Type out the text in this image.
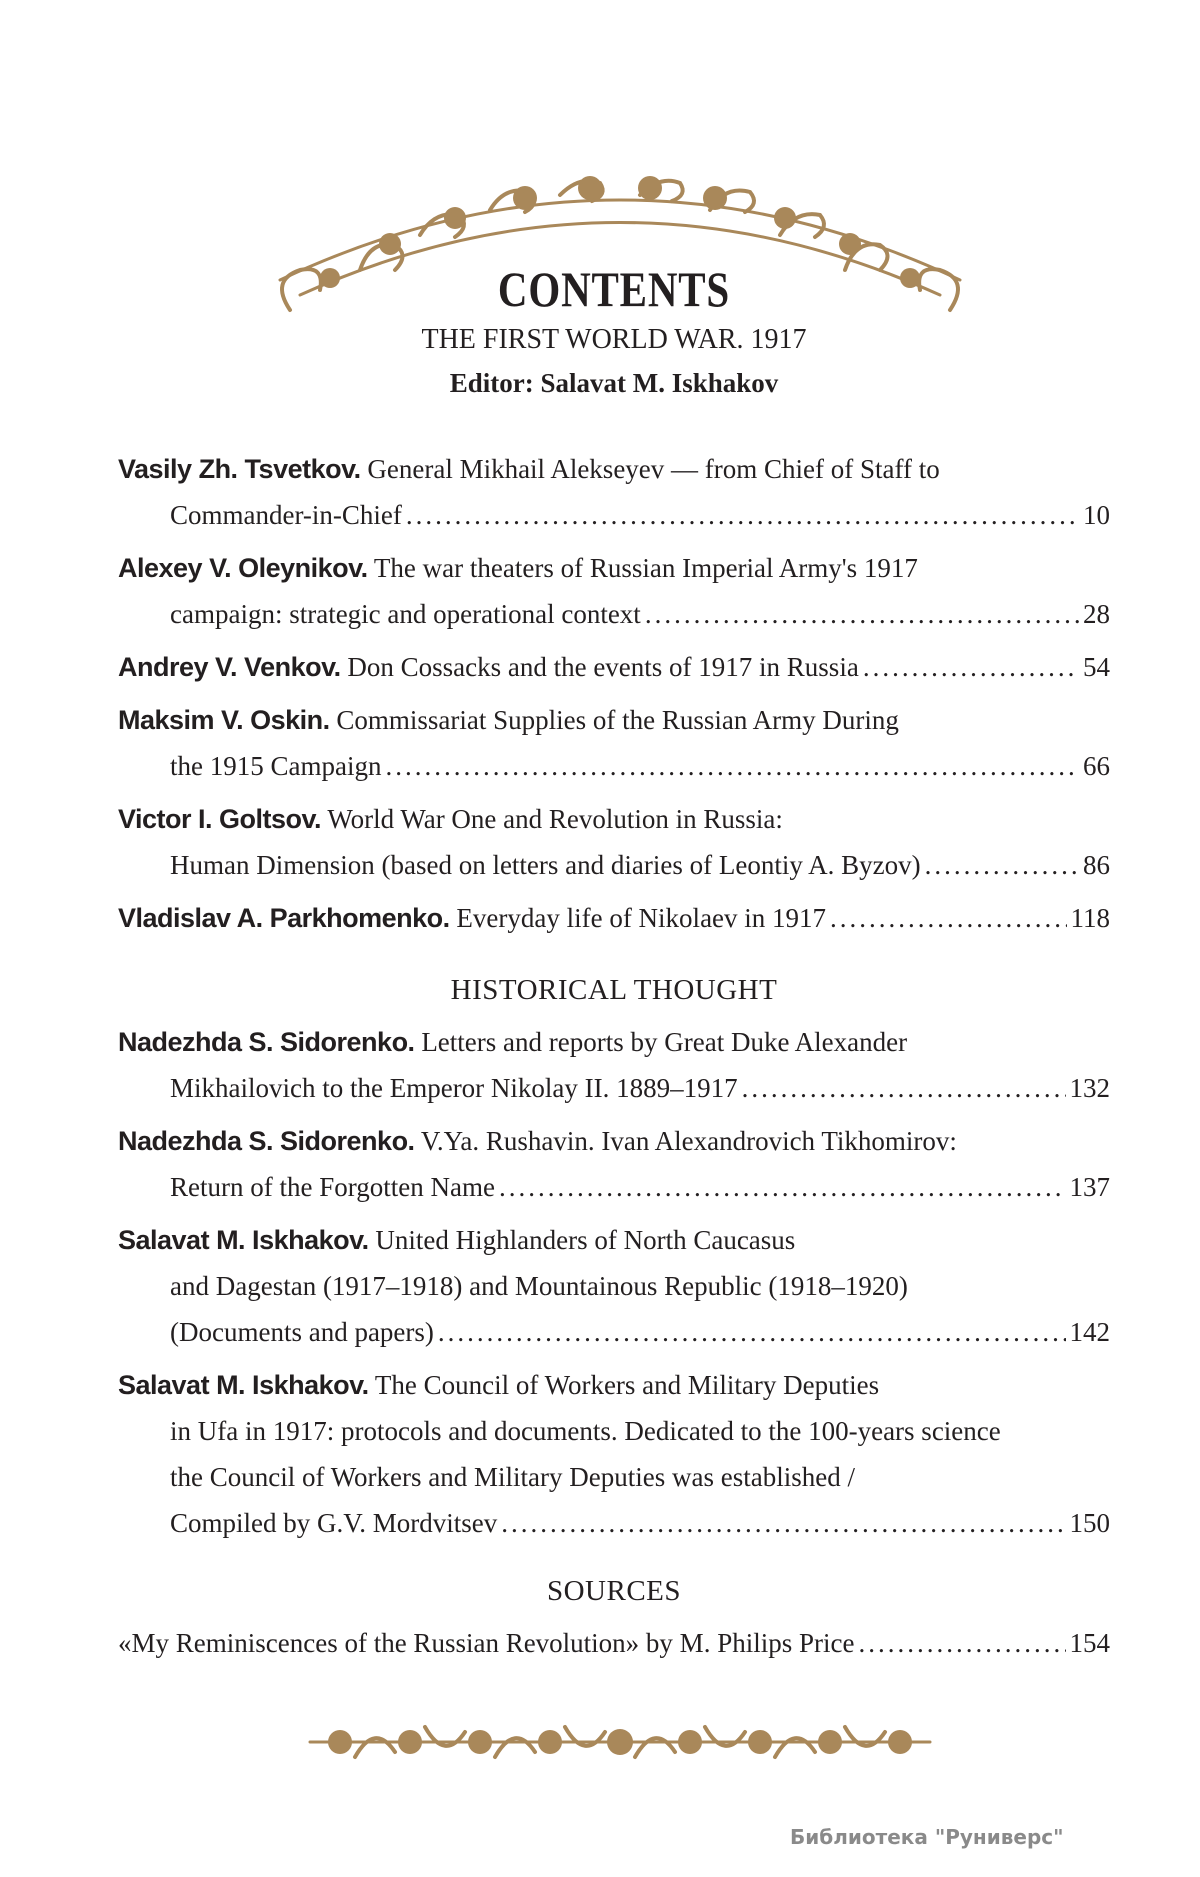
CONTENTS
THE FIRST WORLD WAR. 1917
Editor: Salavat M. Iskhakov
Vasily Zh. Tsvetkov. General Mikhail Alekseyev — from Chief of Staff to
Commander-in-Chief .....	10
Alexey V. Oleynikov. The war theaters of Russian Imperial Army's 1917
campaign: strategic and operational context .....	28
Andrey V. Venkov. Don Cossacks and the events of 1917 in Russia .....	54
Maksim V. Oskin. Commissariat Supplies of the Russian Army During
the 1915 Campaign .....	66
Victor I. Goltsov. World War One and Revolution in Russia:
Human Dimension (based on letters and diaries of Leontiy A. Byzov) .....	86
Vladislav A. Parkhomenko. Everyday life of Nikolaev in 1917 .....	118
HISTORICAL THOUGHT
Nadezhda S. Sidorenko. Letters and reports by Great Duke Alexander
Mikhailovich to the Emperor Nikolay II. 1889–1917 .....	132
Nadezhda S. Sidorenko. V.Ya. Rushavin. Ivan Alexandrovich Tikhomirov:
Return of the Forgotten Name .....	137
Salavat M. Iskhakov. United Highlanders of North Caucasus
and Dagestan (1917–1918) and Mountainous Republic (1918–1920)
(Documents and papers) .....	142
Salavat M. Iskhakov. The Council of Workers and Military Deputies
in Ufa in 1917: protocols and documents. Dedicated to the 100-years science
the Council of Workers and Military Deputies was established /
Compiled by G.V. Mordvitsev .....	150
SOURCES
«My Reminiscences of the Russian Revolution» by M. Philips Price .....	154
Библиотека "Руниверс"
